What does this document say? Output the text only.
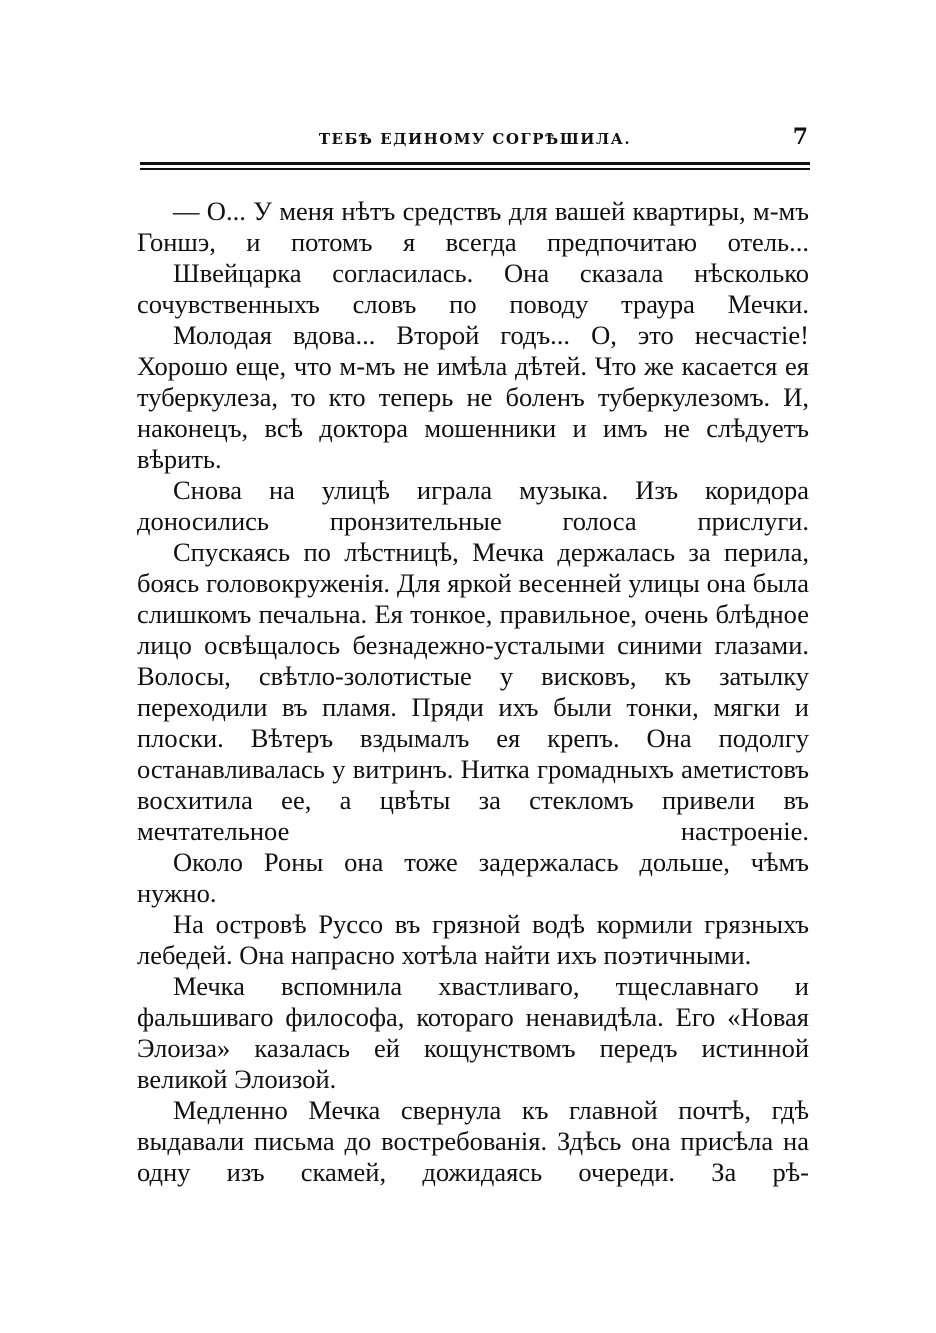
ТЕБѢ ЕДИНОМУ СОГРѢШИЛА.	7

— О... У меня нѣтъ средствъ для вашей квартиры, м-мъ Гоншэ, и потомъ я всегда предпочитаю отель...

Швейцарка согласилась. Она сказала нѣсколько сочувственныхъ словъ по поводу траура Мечки.

Молодая вдова... Второй годъ... О, это несчастіе! Хорошо еще, что м-мъ не имѣла дѣтей. Что же касается ея туберкулеза, то кто теперь не боленъ туберкулезомъ. И, наконецъ, всѣ доктора мошенники и имъ не слѣдуетъ вѣрить.

Снова на улицѣ играла музыка. Изъ коридора доносились пронзительные голоса прислуги.

Спускаясь по лѣстницѣ, Мечка держалась за перила, боясь головокруженія. Для яркой весенней улицы она была слишкомъ печальна. Ея тонкое, правильное, очень блѣдное лицо освѣщалось безнадежно-усталыми синими глазами. Волосы, свѣтло-золотистые у висковъ, къ затылку переходили въ пламя. Пряди ихъ были тонки, мягки и плоски. Вѣтеръ вздымалъ ея крепъ. Она подолгу останавливалась у витринъ. Нитка громадныхъ аметистовъ восхитила ее, а цвѣты за стекломъ привели въ мечтательное настроеніе.

Около Роны она тоже задержалась дольше, чѣмъ нужно.

На островѣ Руссо въ грязной водѣ кормили грязныхъ лебедей. Она напрасно хотѣла найти ихъ поэтичными.

Мечка вспомнила хвастливаго, тщеславнаго и фальшиваго философа, котораго ненавидѣла. Его «Новая Элоиза» казалась ей кощунствомъ передъ истинной великой Элоизой.

Медленно Мечка свернула къ главной почтѣ, гдѣ выдавали письма до востребованія. Здѣсь она присѣла на одну изъ скамей, дожидаясь очереди. За рѣ-
